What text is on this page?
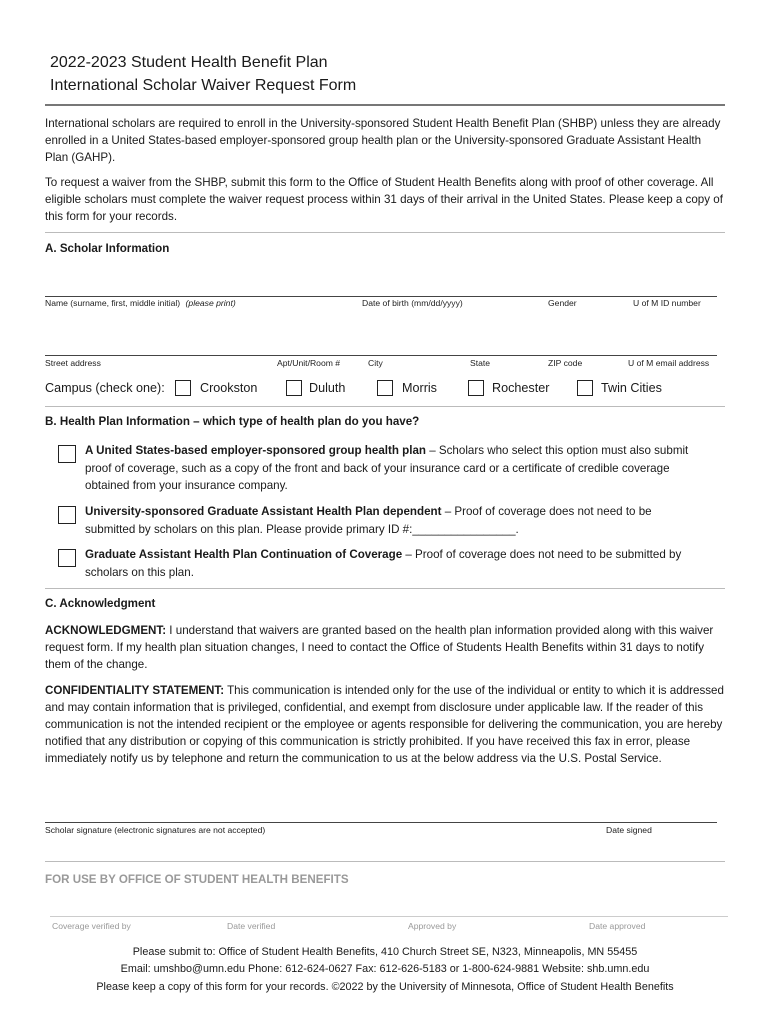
2022-2023 Student Health Benefit Plan
International Scholar Waiver Request Form
International scholars are required to enroll in the University-sponsored Student Health Benefit Plan (SHBP) unless they are already enrolled in a United States-based employer-sponsored group health plan or the University-sponsored Graduate Assistant Health Plan (GAHP).
To request a waiver from the SHBP, submit this form to the Office of Student Health Benefits along with proof of other coverage. All eligible scholars must complete the waiver request process within 31 days of their arrival in the United States. Please keep a copy of this form for your records.
A. Scholar Information
Name (surname, first, middle initial) (please print)	Date of birth (mm/dd/yyyy)	Gender	U of M ID number
Street address	Apt/Unit/Room #	City	State	ZIP code	U of M email address
Campus (check one):	Crookston	Duluth	Morris	Rochester	Twin Cities
B. Health Plan Information – which type of health plan do you have?
A United States-based employer-sponsored group health plan – Scholars who select this option must also submit
proof of coverage, such as a copy of the front and back of your insurance card or a certificate of credible coverage
obtained from your insurance company.
University-sponsored Graduate Assistant Health Plan dependent – Proof of coverage does not need to be
submitted by scholars on this plan. Please provide primary ID #:________________.
Graduate Assistant Health Plan Continuation of Coverage – Proof of coverage does not need to be submitted by
scholars on this plan.
C. Acknowledgment
ACKNOWLEDGMENT: I understand that waivers are granted based on the health plan information provided along with this waiver request form. If my health plan situation changes, I need to contact the Office of Students Health Benefits within 31 days to notify them of the change.
CONFIDENTIALITY STATEMENT: This communication is intended only for the use of the individual or entity to which it is addressed and may contain information that is privileged, confidential, and exempt from disclosure under applicable law. If the reader of this communication is not the intended recipient or the employee or agents responsible for delivering the communication, you are hereby notified that any distribution or copying of this communication is strictly prohibited. If you have received this fax in error, please immediately notify us by telephone and return the communication to us at the below address via the U.S. Postal Service.
Scholar signature (electronic signatures are not accepted)	Date signed
FOR USE BY OFFICE OF STUDENT HEALTH BENEFITS
Coverage verified by	Date verified	Approved by	Date approved
Please submit to: Office of Student Health Benefits, 410 Church Street SE, N323, Minneapolis, MN 55455
Email: umshbo@umn.edu Phone: 612-624-0627 Fax: 612-626-5183 or 1-800-624-9881 Website: shb.umn.edu
Please keep a copy of this form for your records. ©2022 by the University of Minnesota, Office of Student Health Benefits
